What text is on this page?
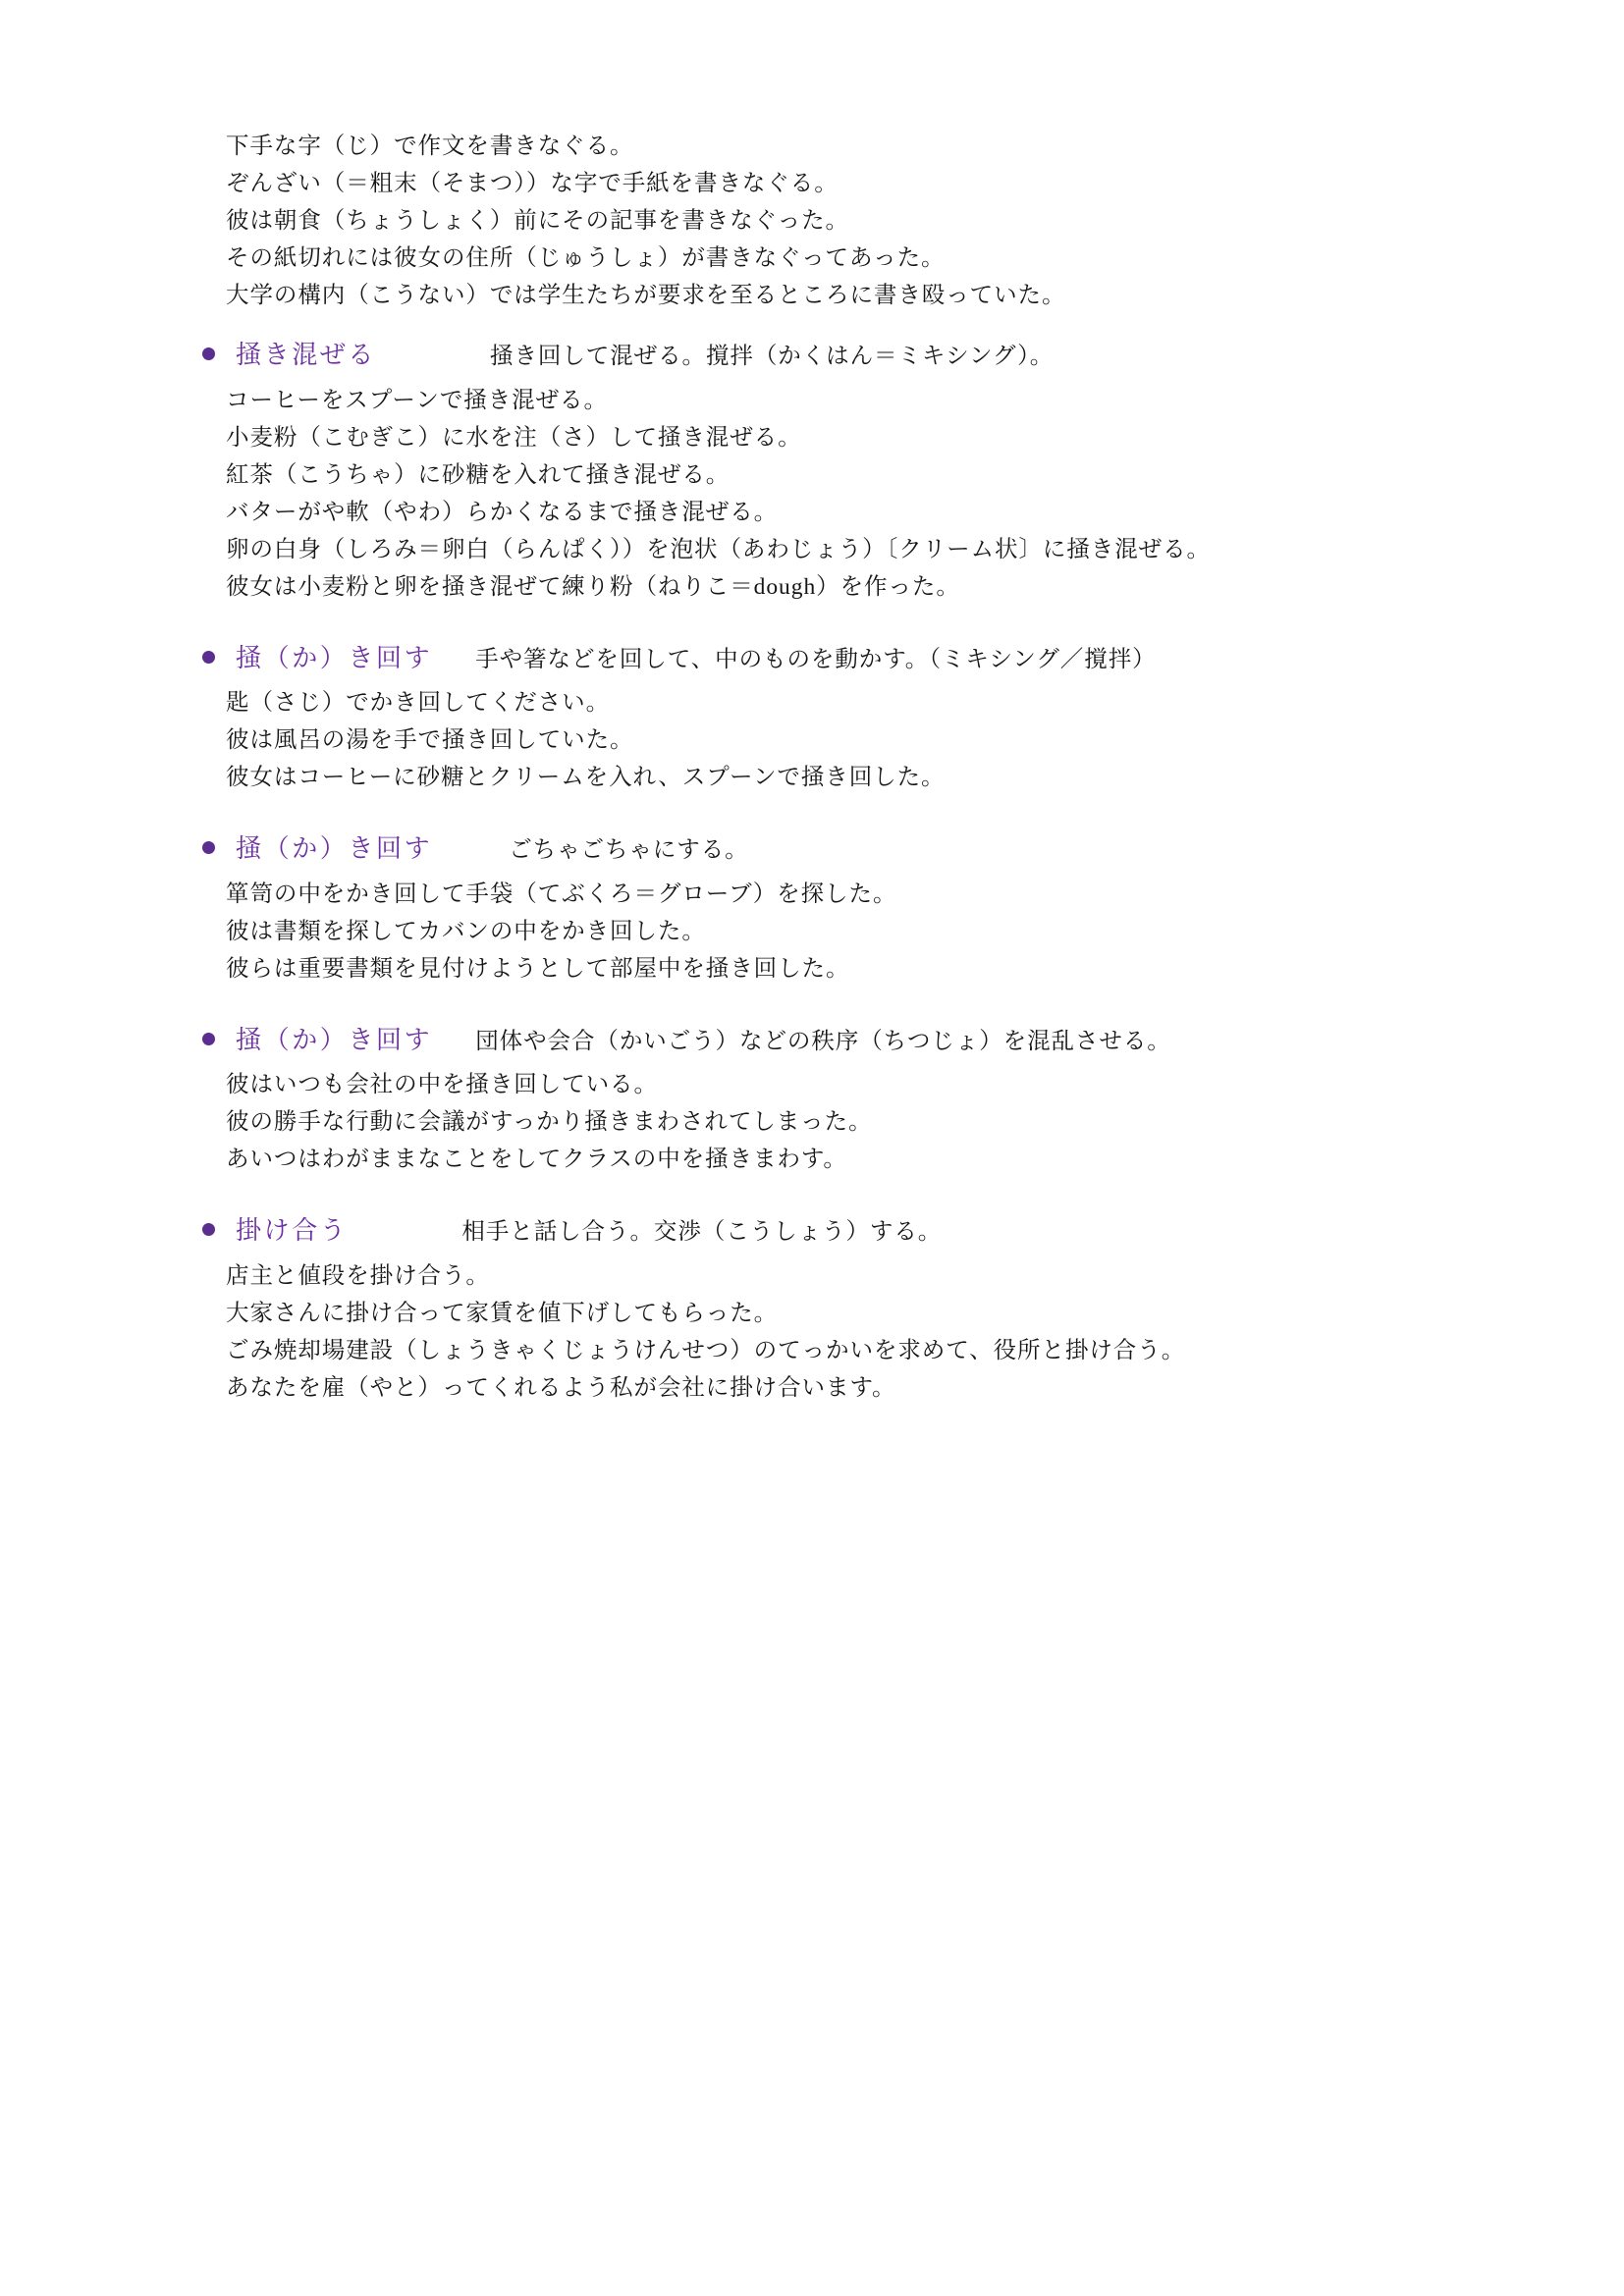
下手な字（じ）で作文を書きなぐる。

ぞんざい（＝粗末（そまつ））な字で手紙を書きなぐる。

彼は朝食（ちょうしょく）前にその記事を書きなぐった。

その紙切れには彼女の住所（じゅうしょ）が書きなぐってあった。

大学の構内（こうない）では学生たちが要求を至るところに書き殴っていた。

掻き混ぜる	掻き回して混ぜる。撹拌（かくはん＝ミキシング）。

コーヒーをスプーンで掻き混ぜる。

小麦粉（こむぎこ）に水を注（さ）して掻き混ぜる。

紅茶（こうちゃ）に砂糖を入れて掻き混ぜる。

バターがや軟（やわ）らかくなるまで掻き混ぜる。

卵の白身（しろみ＝卵白（らんぱく））を泡状（あわじょう）〔クリーム状〕に掻き混ぜる。

彼女は小麦粉と卵を掻き混ぜて練り粉（ねりこ＝dough）を作った。

掻（か）き回す 手や箸などを回して、中のものを動かす。（ミキシング／撹拌）

匙（さじ）でかき回してください。

彼は風呂の湯を手で掻き回していた。

彼女はコーヒーに砂糖とクリームを入れ、スプーンで掻き回した。

掻（か）き回す	ごちゃごちゃにする。

箪笥の中をかき回して手袋（てぶくろ＝グローブ）を探した。

彼は書類を探してカバンの中をかき回した。

彼らは重要書類を見付けようとして部屋中を掻き回した。

掻（か）き回す 団体や会合（かいごう）などの秩序（ちつじょ）を混乱させる。

彼はいつも会社の中を掻き回している。

彼の勝手な行動に会議がすっかり掻きまわされてしまった。

あいつはわがままなことをしてクラスの中を掻きまわす。

掛け合う	相手と話し合う。交渉（こうしょう）する。

店主と値段を掛け合う。

大家さんに掛け合って家賃を値下げしてもらった。

ごみ焼却場建設（しょうきゃくじょうけんせつ）のてっかいを求めて、役所と掛け合う。

あなたを雇（やと）ってくれるよう私が会社に掛け合います。
